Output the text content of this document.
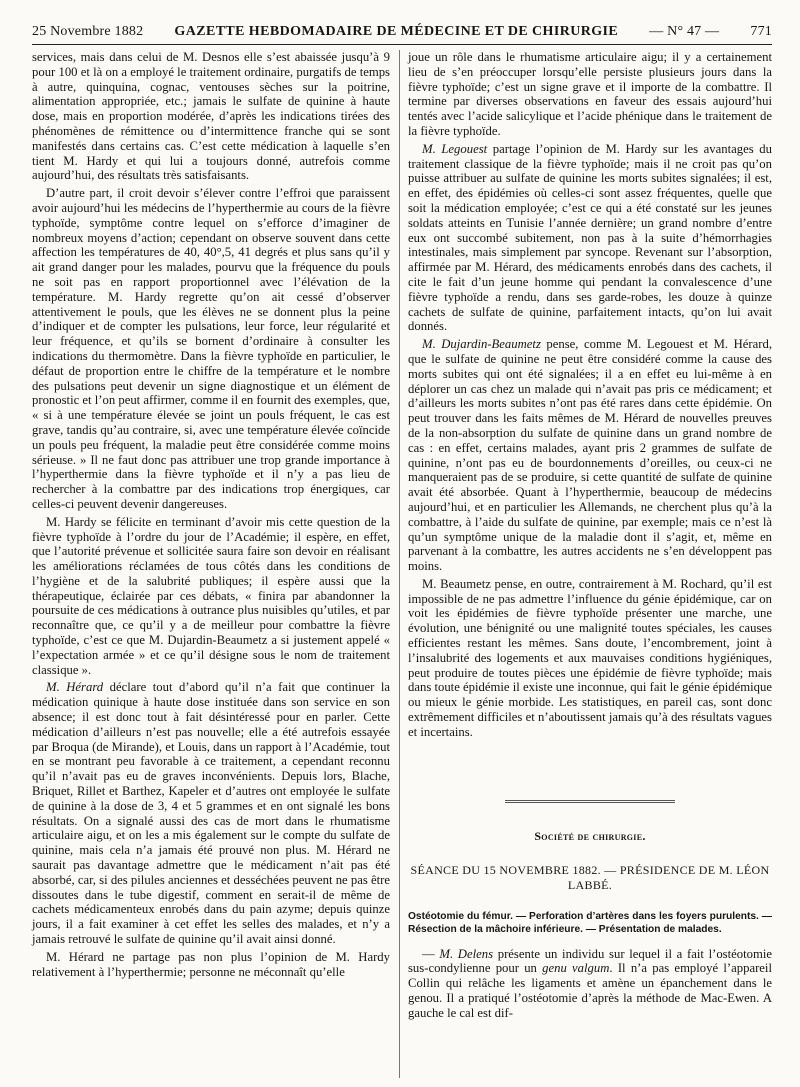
25 Novembre 1882 GAZETTE HEBDOMADAIRE DE MÉDECINE ET DE CHIRURGIE — N° 47 — 771

services, mais dans celui de M. Desnos elle s’est abaissée jusqu’à 9 pour 100 et là on a employé le traitement ordinaire, purgatifs de temps à autre, quinquina, cognac, ventouses sèches sur la poitrine, alimentation appropriée, etc.; jamais le sulfate de quinine à haute dose, mais en proportion modérée, d’après les indications tirées des phénomènes de rémittence ou d’intermittence franche qui se sont manifestés dans certains cas. C’est cette médication à laquelle s’en tient M. Hardy et qui lui a toujours donné, autrefois comme aujourd’hui, des résultats très satisfaisants.

D’autre part, il croit devoir s’élever contre l’effroi que paraissent avoir aujourd’hui les médecins de l’hyperthermie au cours de la fièvre typhoïde, symptôme contre lequel on s’efforce d’imaginer de nombreux moyens d’action; cependant on observe souvent dans cette affection les températures de 40, 40°,5, 41 degrés et plus sans qu’il y ait grand danger pour les malades, pourvu que la fréquence du pouls ne soit pas en rapport proportionnel avec l’élévation de la température. M. Hardy regrette qu’on ait cessé d’observer attentivement le pouls, que les élèves ne se donnent plus la peine d’indiquer et de compter les pulsations, leur force, leur régularité et leur fréquence, et qu’ils se bornent d’ordinaire à consulter les indications du thermomètre. Dans la fièvre typhoïde en particulier, le défaut de proportion entre le chiffre de la température et le nombre des pulsations peut devenir un signe diagnostique et un élément de pronostic et l’on peut affirmer, comme il en fournit des exemples, que, « si à une température élevée se joint un pouls fréquent, le cas est grave, tandis qu’au contraire, si, avec une température élevée coïncide un pouls peu fréquent, la maladie peut être considérée comme moins sérieuse. » Il ne faut donc pas attribuer une trop grande importance à l’hyperthermie dans la fièvre typhoïde et il n’y a pas lieu de rechercher à la combattre par des indications trop énergiques, car celles-ci peuvent devenir dangereuses.

M. Hardy se félicite en terminant d’avoir mis cette question de la fièvre typhoïde à l’ordre du jour de l’Académie; il espère, en effet, que l’autorité prévenue et sollicitée saura faire son devoir en réalisant les améliorations réclamées de tous côtés dans les conditions de l’hygiène et de la salubrité publiques; il espère aussi que la thérapeutique, éclairée par ces débats, « finira par abandonner la poursuite de ces médications à outrance plus nuisibles qu’utiles, et par reconnaître que, ce qu’il y a de meilleur pour combattre la fièvre typhoïde, c’est ce que M. Dujardin-Beaumetz a si justement appelé « l’expectation armée » et ce qu’il désigne sous le nom de traitement classique ».

M. Hérard déclare tout d’abord qu’il n’a fait que continuer la médication quinique à haute dose instituée dans son service en son absence; il est donc tout à fait désintéressé pour en parler. Cette médication d’ailleurs n’est pas nouvelle; elle a été autrefois essayée par Broqua (de Mirande), et Louis, dans un rapport à l’Académie, tout en se montrant peu favorable à ce traitement, a cependant reconnu qu’il n’avait pas eu de graves inconvénients. Depuis lors, Blache, Briquet, Rillet et Barthez, Kapeler et d’autres ont employée le sulfate de quinine à la dose de 3, 4 et 5 grammes et en ont signalé les bons résultats. On a signalé aussi des cas de mort dans le rhumatisme articulaire aigu, et on les a mis également sur le compte du sulfate de quinine, mais cela n’a jamais été prouvé non plus. M. Hérard ne saurait pas davantage admettre que le médicament n’ait pas été absorbé, car, si des pilules anciennes et desséchées peuvent ne pas être dissoutes dans le tube digestif, comment en serait-il de même de cachets médicamenteux enrobés dans du pain azyme; depuis quinze jours, il a fait examiner à cet effet les selles des malades, et n’y a jamais retrouvé le sulfate de quinine qu’il avait ainsi donné.

M. Hérard ne partage pas non plus l’opinion de M. Hardy relativement à l’hyperthermie; personne ne méconnaît qu’elle

joue un rôle dans le rhumatisme articulaire aigu; il y a certainement lieu de s’en préoccuper lorsqu’elle persiste plusieurs jours dans la fièvre typhoïde; c’est un signe grave et il importe de la combattre. Il termine par diverses observations en faveur des essais aujourd’hui tentés avec l’acide salicylique et l’acide phénique dans le traitement de la fièvre typhoïde.

M. Legouest partage l’opinion de M. Hardy sur les avantages du traitement classique de la fièvre typhoïde; mais il ne croit pas qu’on puisse attribuer au sulfate de quinine les morts subites signalées; il est, en effet, des épidémies où celles-ci sont assez fréquentes, quelle que soit la médication employée; c’est ce qui a été constaté sur les jeunes soldats atteints en Tunisie l’année dernière; un grand nombre d’entre eux ont succombé subitement, non pas à la suite d’hémorrhagies intestinales, mais simplement par syncope. Revenant sur l’absorption, affirmée par M. Hérard, des médicaments enrobés dans des cachets, il cite le fait d’un jeune homme qui pendant la convalescence d’une fièvre typhoïde a rendu, dans ses garde-robes, les douze à quinze cachets de sulfate de quinine, parfaitement intacts, qu’on lui avait donnés.

M. Dujardin-Beaumetz pense, comme M. Legouest et M. Hérard, que le sulfate de quinine ne peut être considéré comme la cause des morts subites qui ont été signalées; il a en effet eu lui-même à en déplorer un cas chez un malade qui n’avait pas pris ce médicament; et d’ailleurs les morts subites n’ont pas été rares dans cette épidémie. On peut trouver dans les faits mêmes de M. Hérard de nouvelles preuves de la non-absorption du sulfate de quinine dans un grand nombre de cas : en effet, certains malades, ayant pris 2 grammes de sulfate de quinine, n’ont pas eu de bourdonnements d’oreilles, ou ceux-ci ne manqueraient pas de se produire, si cette quantité de sulfate de quinine avait été absorbée. Quant à l’hyperthermie, beaucoup de médecins aujourd’hui, et en particulier les Allemands, ne cherchent plus qu’à la combattre, à l’aide du sulfate de quinine, par exemple; mais ce n’est là qu’un symptôme unique de la maladie dont il s’agit, et, même en parvenant à la combattre, les autres accidents ne s’en développent pas moins.

M. Beaumetz pense, en outre, contrairement à M. Rochard, qu’il est impossible de ne pas admettre l’influence du génie épidémique, car on voit les épidémies de fièvre typhoïde présenter une marche, une évolution, une bénignité ou une malignité toutes spéciales, les causes efficientes restant les mêmes. Sans doute, l’encombrement, joint à l’insalubrité des logements et aux mauvaises conditions hygiéniques, peut produire de toutes pièces une épidémie de fièvre typhoïde; mais dans toute épidémie il existe une inconnue, qui fait le génie épidémique ou mieux le génie morbide. Les statistiques, en pareil cas, sont donc extrêmement difficiles et n’aboutissent jamais qu’à des résultats vagues et incertains.

Société de chirurgie.
SÉANCE DU 15 NOVEMBRE 1882. — PRÉSIDENCE DE M. LÉON LABBÉ.
Ostéotomie du fémur. — Perforation d’artères dans les foyers purulents. — Résection de la mâchoire inférieure. — Présentation de malades.

— M. Delens présente un individu sur lequel il a fait l’ostéotomie sus-condylienne pour un genu valgum. Il n’a pas employé l’appareil Collin qui relâche les ligaments et amène un épanchement dans le genou. Il a pratiqué l’ostéotomie d’après la méthode de Mac-Ewen. A gauche le cal est dif-
